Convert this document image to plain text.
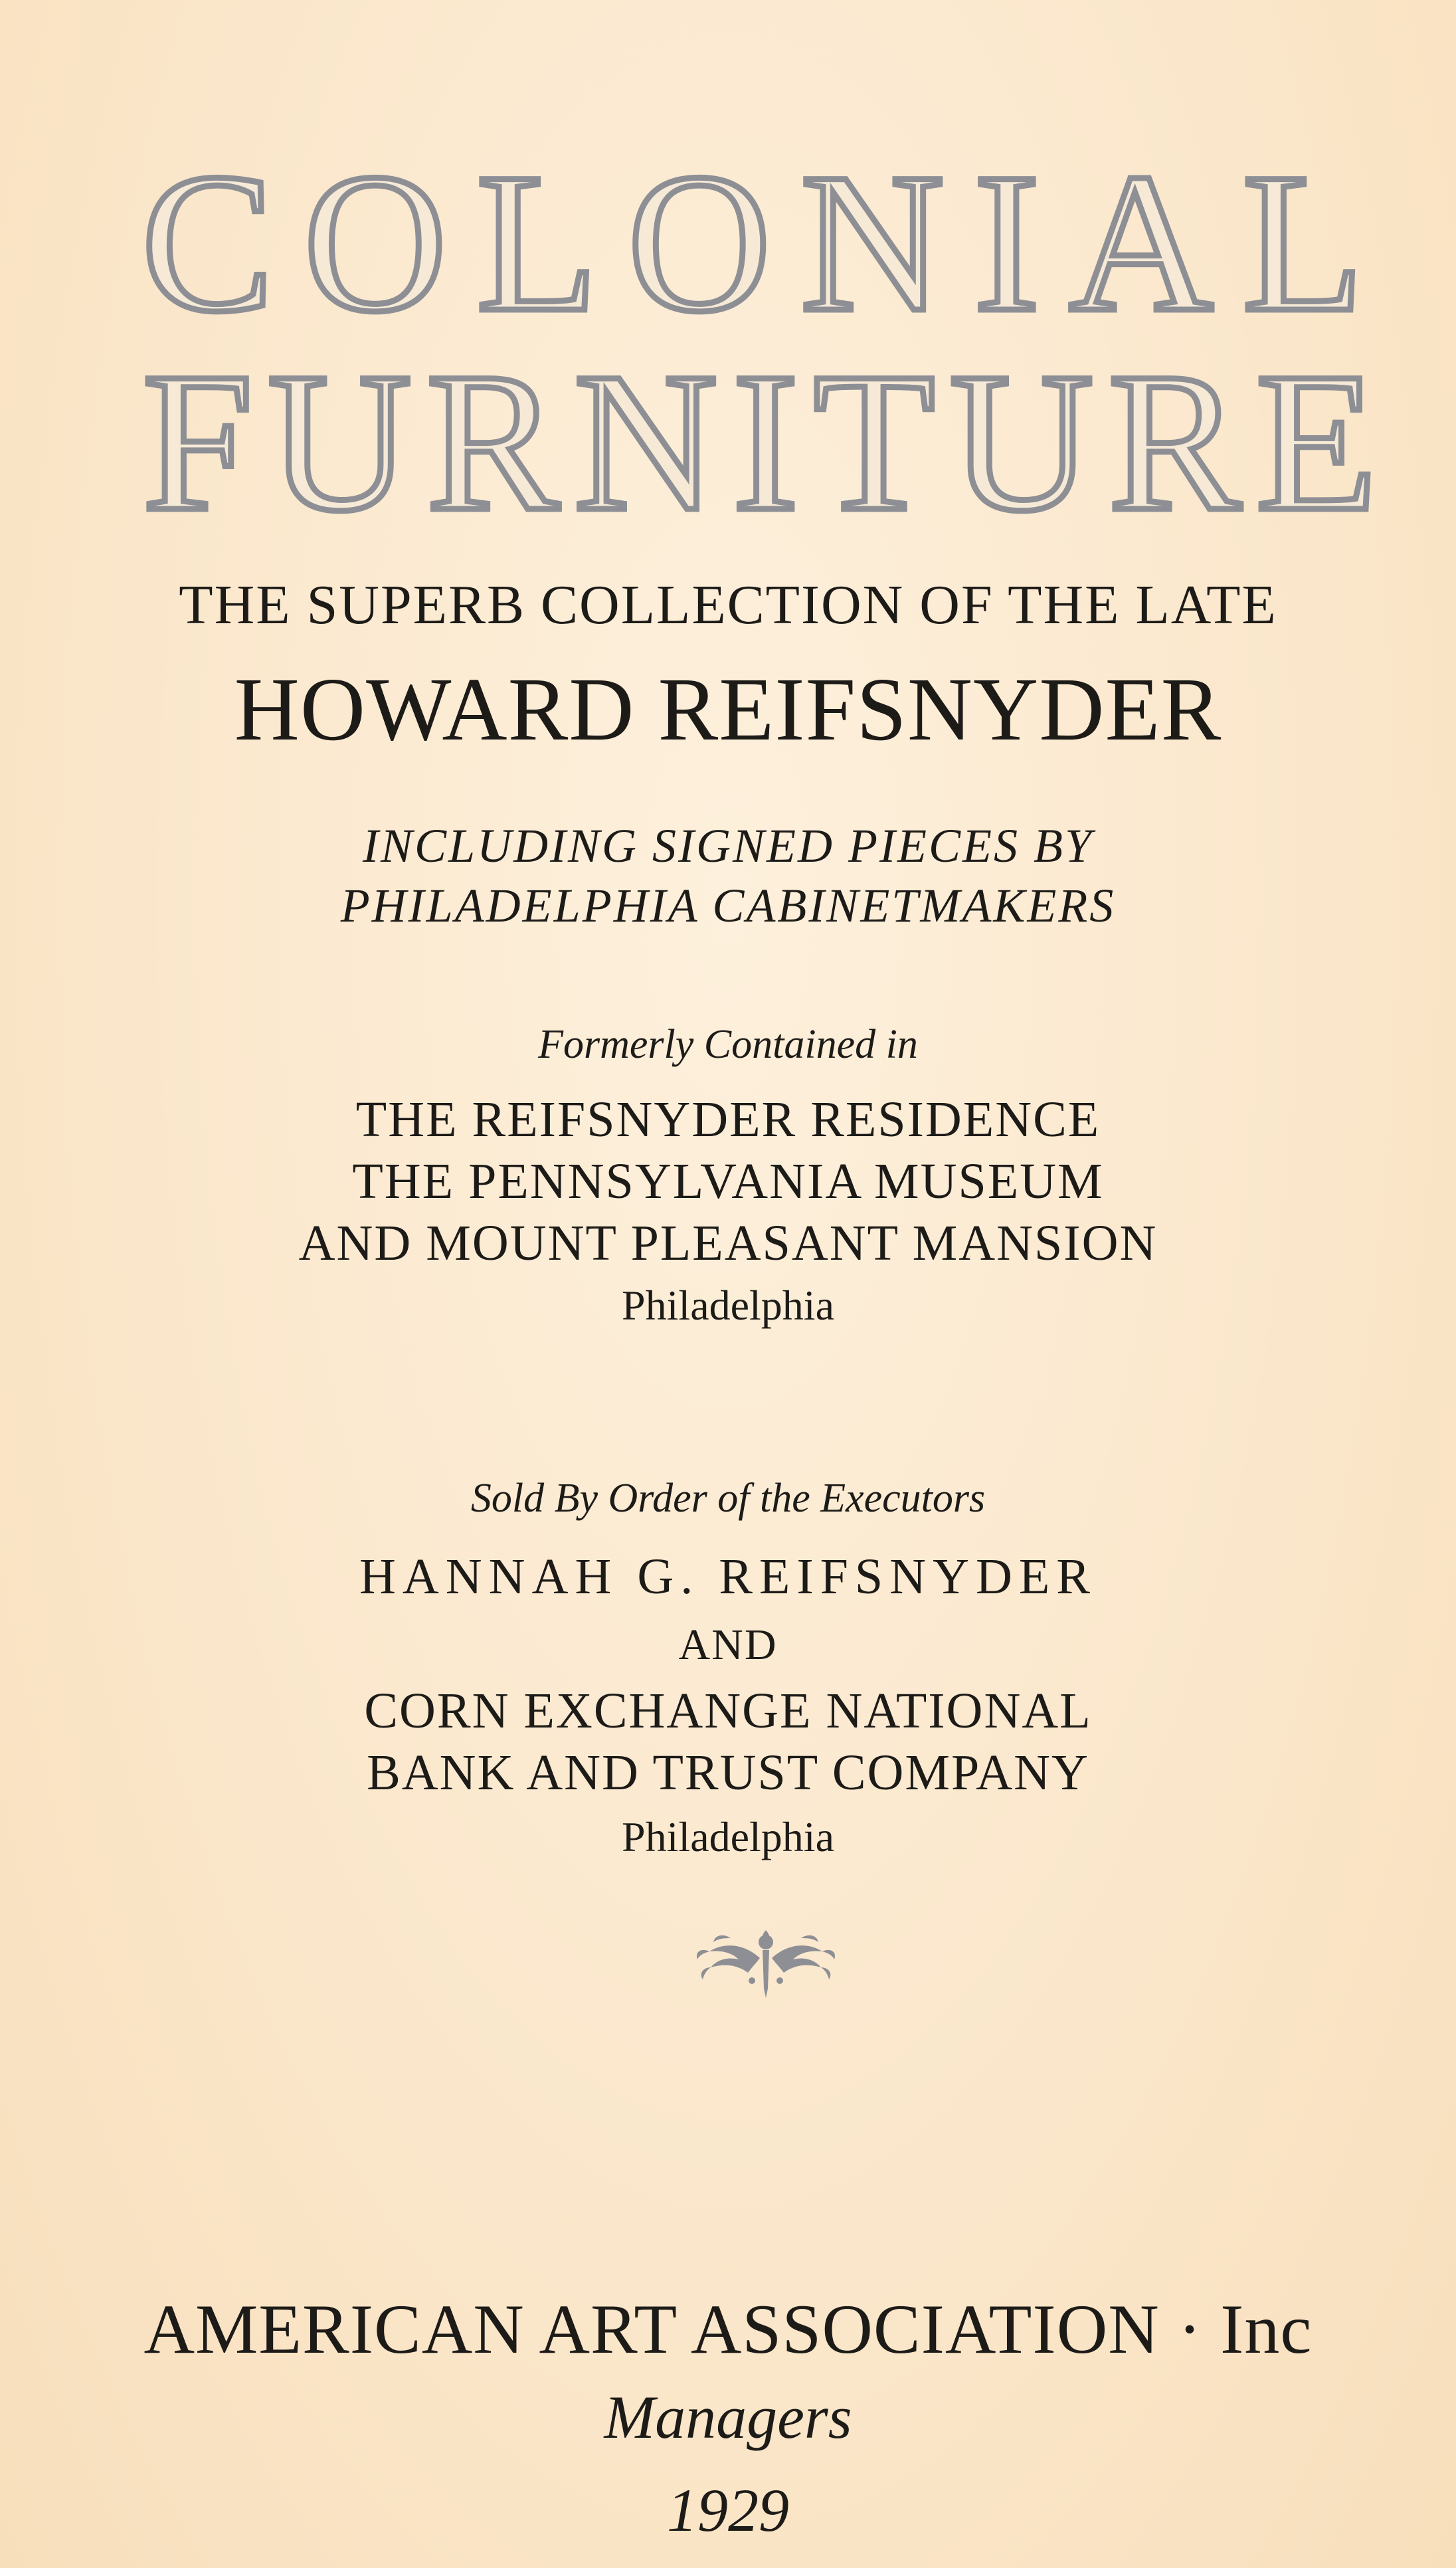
COLONIAL
FURNITURE
THE SUPERB COLLECTION OF THE LATE
HOWARD REIFSNYDER
INCLUDING SIGNED PIECES BY
PHILADELPHIA CABINETMAKERS
Formerly Contained in
THE REIFSNYDER RESIDENCE
THE PENNSYLVANIA MUSEUM
AND MOUNT PLEASANT MANSION
Philadelphia
Sold By Order of the Executors
HANNAH G. REIFSNYDER
AND
CORN EXCHANGE NATIONAL
BANK AND TRUST COMPANY
Philadelphia
AMERICAN ART ASSOCIATION · Inc
Managers
1929
